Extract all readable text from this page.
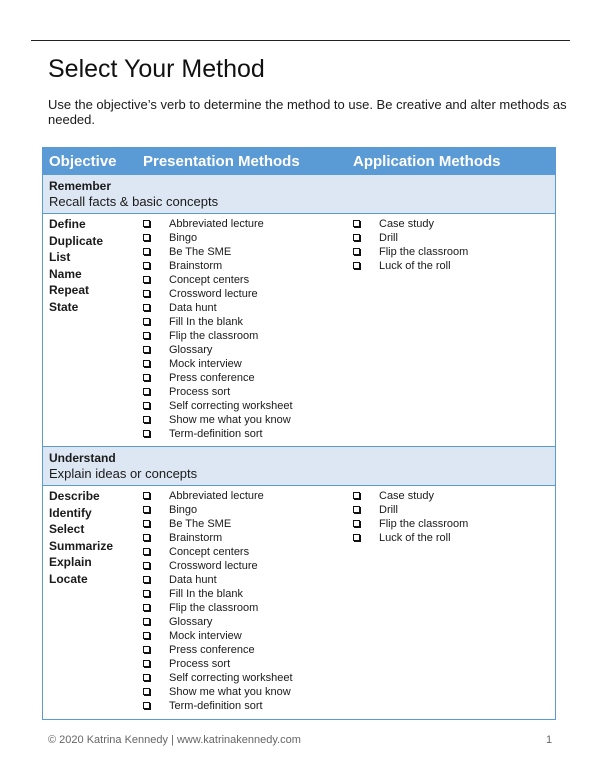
Select Your Method

Use the objective’s verb to determine the method to use. Be creative and alter methods as needed.

Objective Presentation Methods	Application Methods
Remember
Recall facts & basic concepts
Define
Duplicate
List
Name
Repeat
State
Abbreviated lecture
Bingo
Be The SME
Brainstorm
Concept centers
Crossword lecture
Data hunt
Fill In the blank
Flip the classroom
Glossary
Mock interview
Press conference
Process sort
Self correcting worksheet
Show me what you know
Term-definition sort
Case study
Drill
Flip the classroom
Luck of the roll
Understand
Explain ideas or concepts
Describe
Identify
Select
Summarize
Explain
Locate
Abbreviated lecture
Bingo
Be The SME
Brainstorm
Concept centers
Crossword lecture
Data hunt
Fill In the blank
Flip the classroom
Glossary
Mock interview
Press conference
Process sort
Self correcting worksheet
Show me what you know
Term-definition sort
Case study
Drill
Flip the classroom
Luck of the roll
© 2020 Katrina Kennedy | www.katrinakennedy.com	1
